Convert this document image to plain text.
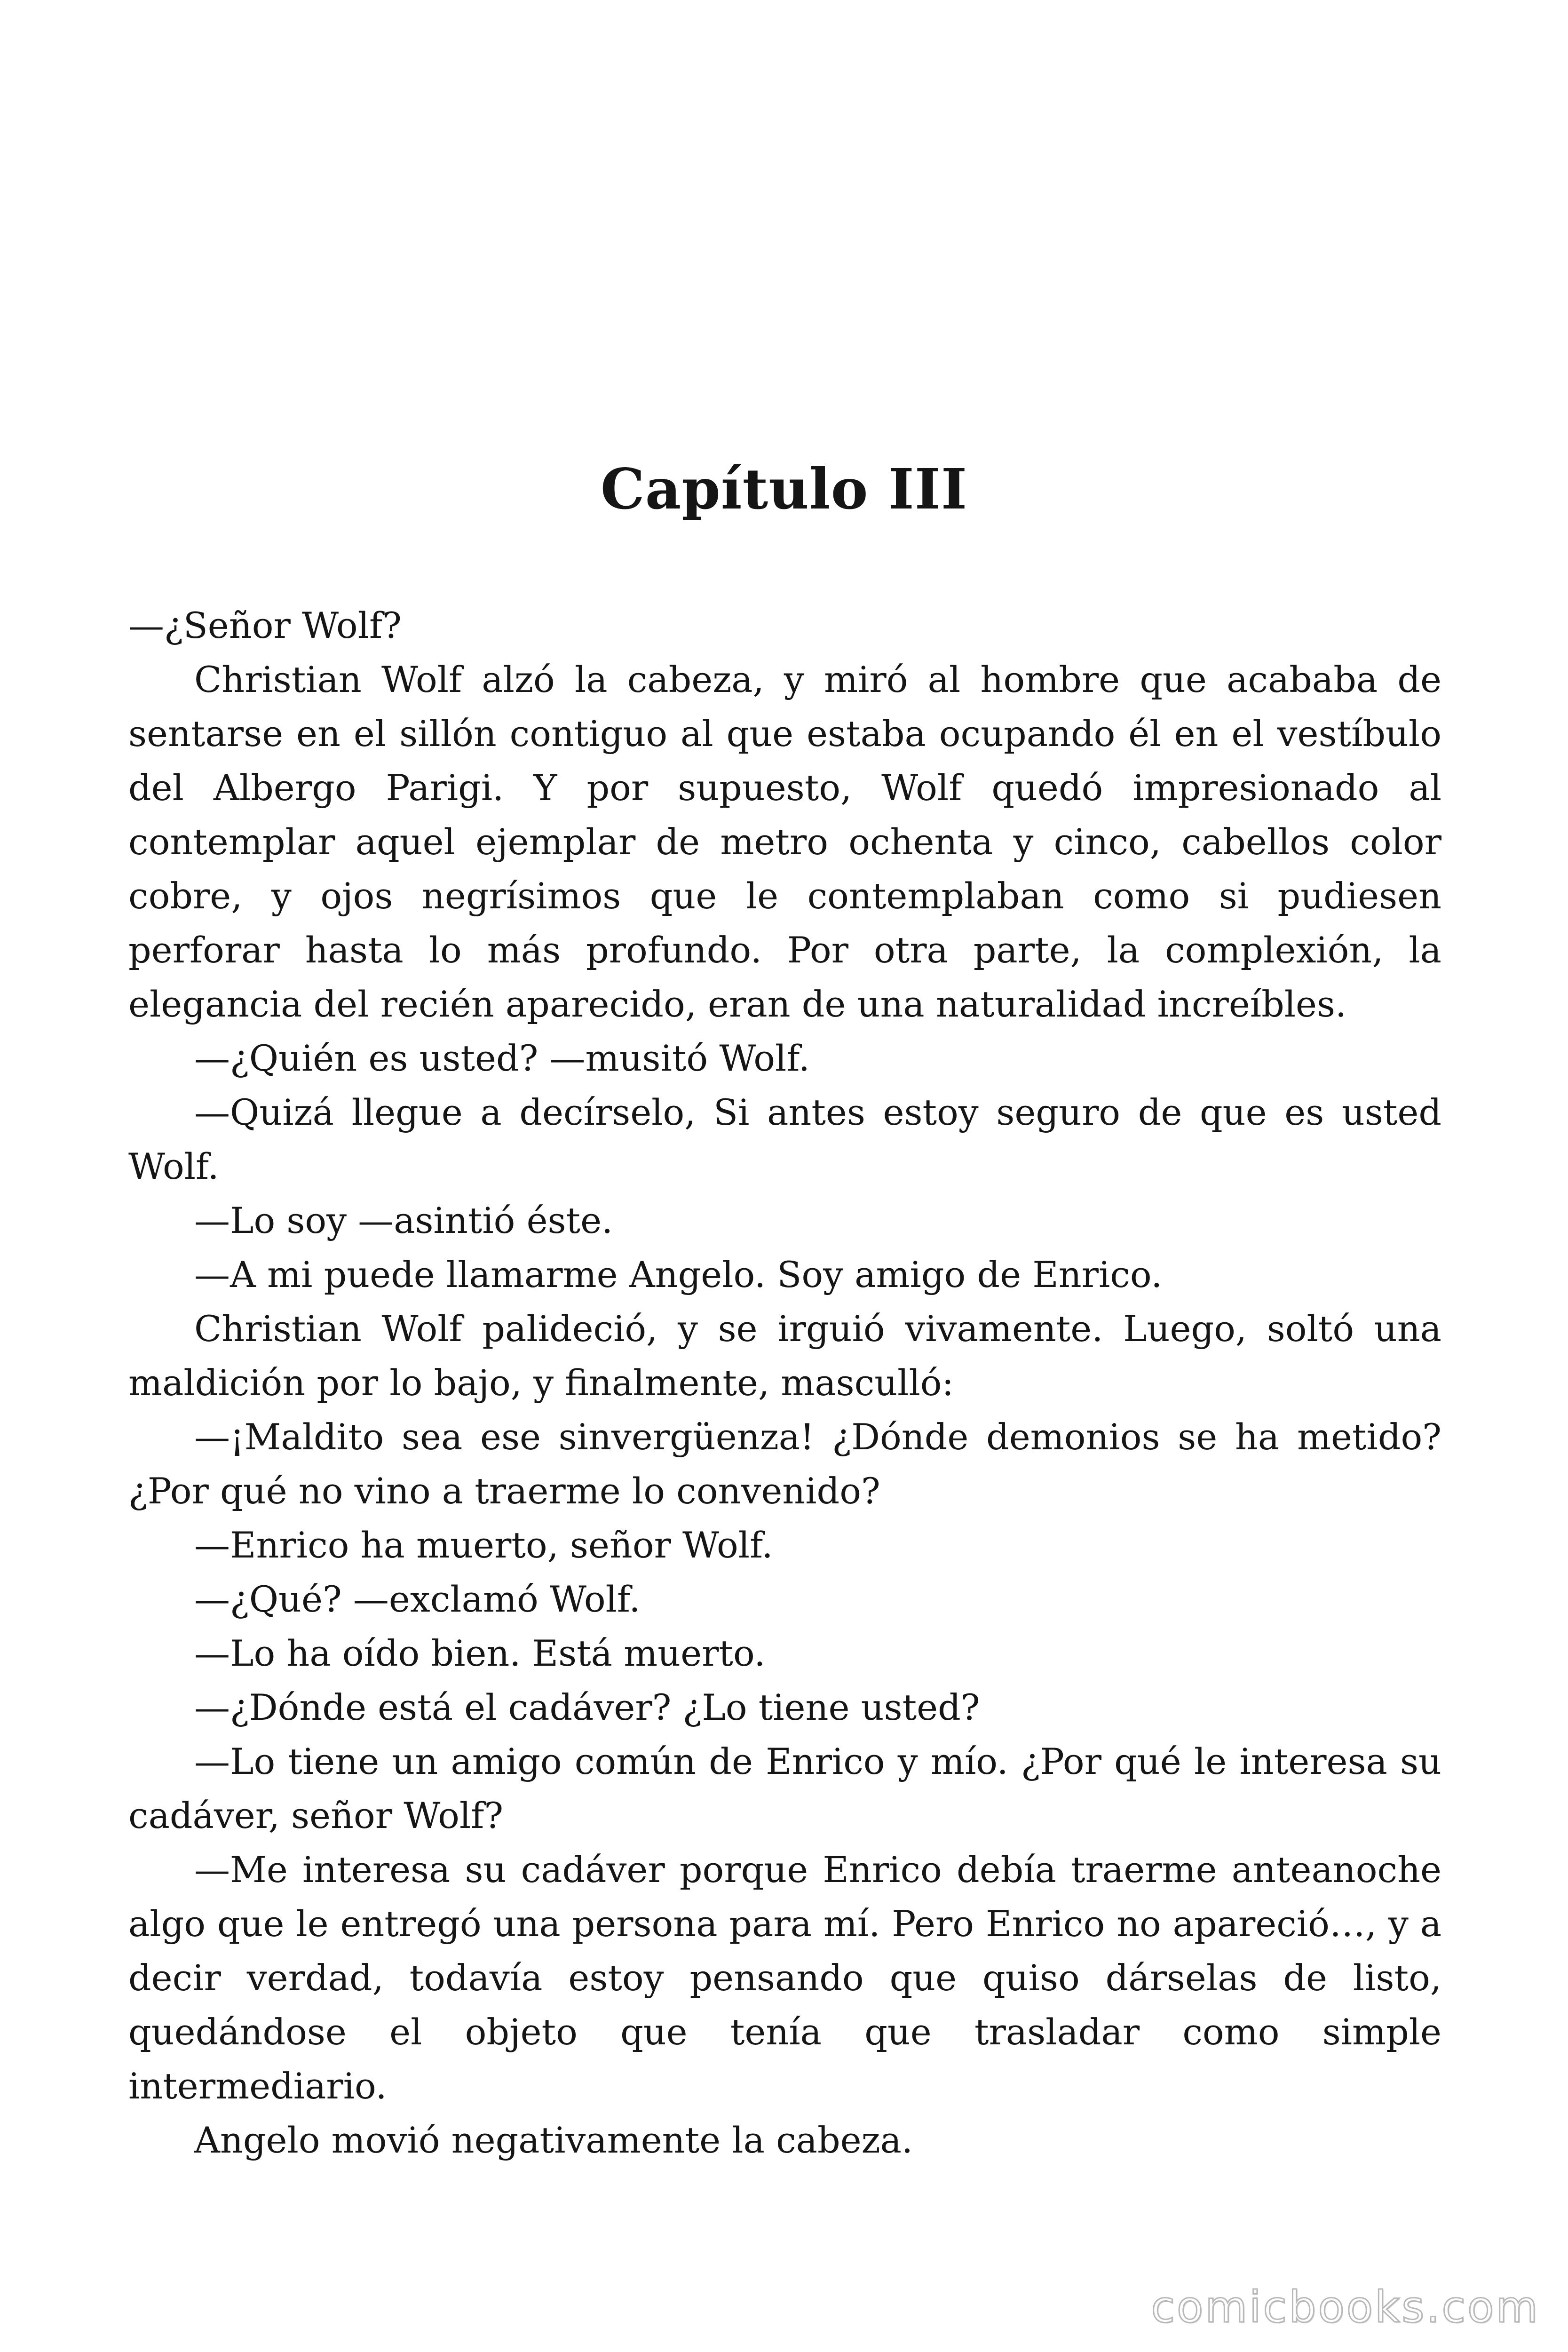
Capítulo III

—¿Señor Wolf?

Christian Wolf alzó la cabeza, y miró al hombre que acababa de sentarse en el sillón contiguo al que estaba ocupando él en el vestíbulo del Albergo Parigi. Y por supuesto, Wolf quedó impresionado al contemplar aquel ejemplar de metro ochenta y cinco, cabellos color cobre, y ojos negrísimos que le contemplaban como si pudiesen perforar hasta lo más profundo. Por otra parte, la complexión, la elegancia del recién aparecido, eran de una naturalidad increíbles.

—¿Quién es usted? —musitó Wolf.

—Quizá llegue a decírselo, Si antes estoy seguro de que es usted Wolf.

—Lo soy —asintió éste.

—A mi puede llamarme Angelo. Soy amigo de Enrico.

Christian Wolf palideció, y se irguió vivamente. Luego, soltó una maldición por lo bajo, y finalmente, masculló:

—¡Maldito sea ese sinvergüenza! ¿Dónde demonios se ha metido? ¿Por qué no vino a traerme lo convenido?

—Enrico ha muerto, señor Wolf.

—¿Qué? —exclamó Wolf.

—Lo ha oído bien. Está muerto.

—¿Dónde está el cadáver? ¿Lo tiene usted?

—Lo tiene un amigo común de Enrico y mío. ¿Por qué le interesa su cadáver, señor Wolf?

—Me interesa su cadáver porque Enrico debía traerme anteanoche algo que le entregó una persona para mí. Pero Enrico no apareció…, y a decir verdad, todavía estoy pensando que quiso dárselas de listo, quedándose el objeto que tenía que trasladar como simple intermediario.

Angelo movió negativamente la cabeza.

comicbooks.com
